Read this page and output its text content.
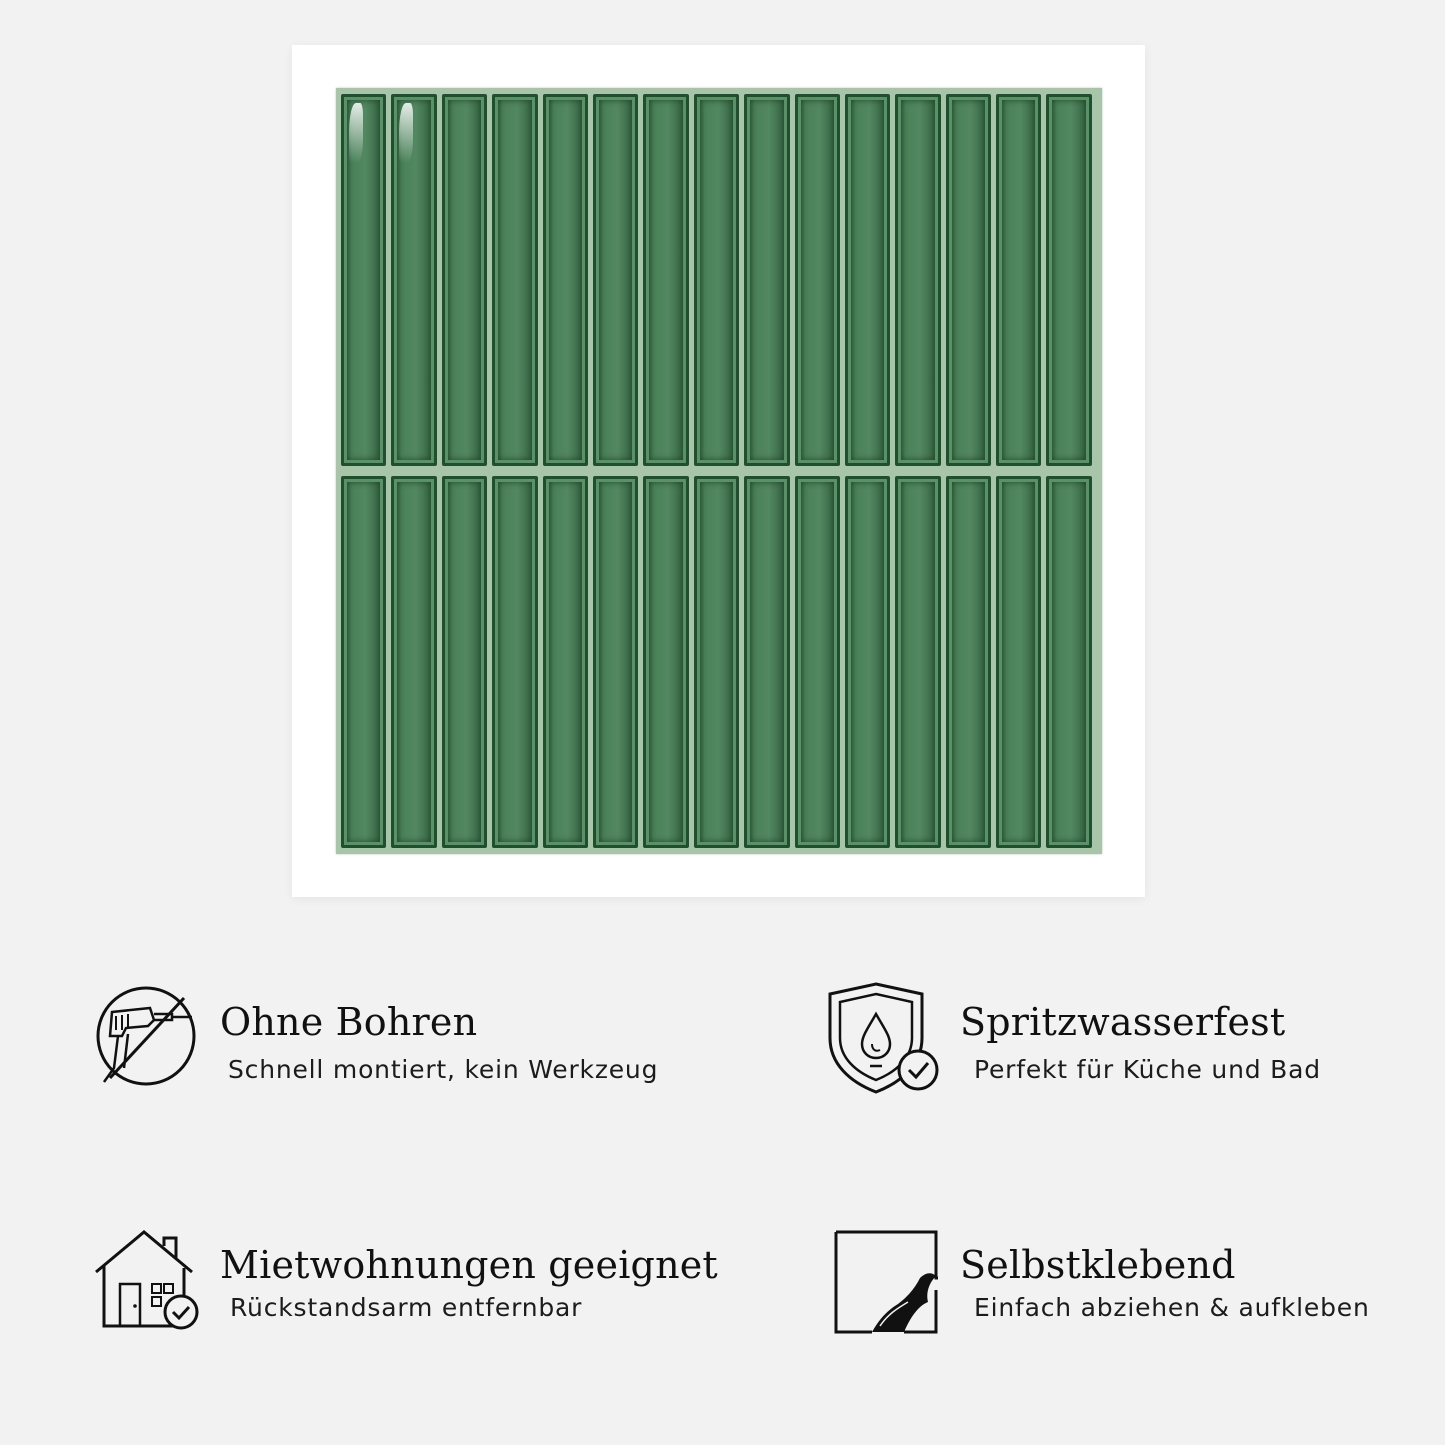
Ohne Bohren
Schnell montiert, kein Werkzeug
Spritzwasserfest
Perfekt für Küche und Bad
Mietwohnungen geeignet
Rückstandsarm entfernbar
Selbstklebend
Einfach abziehen & aufkleben
